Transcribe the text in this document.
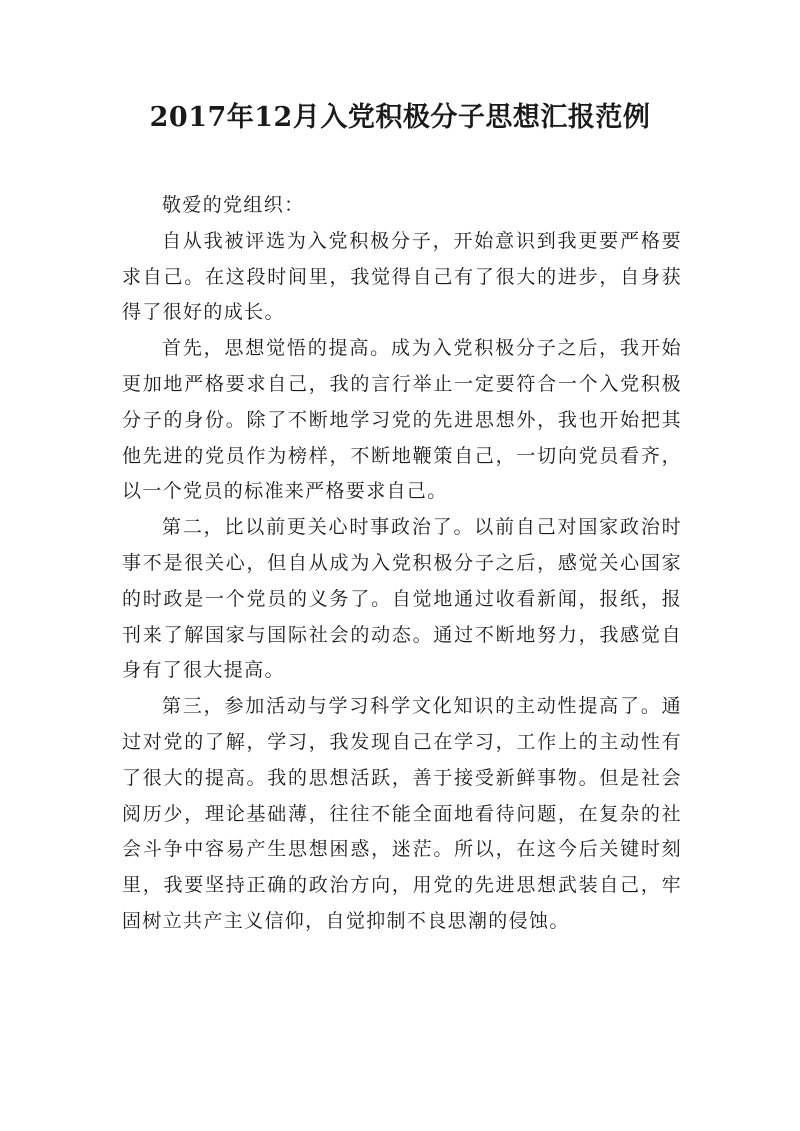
2017年12月入党积极分子思想汇报范例

敬爱的党组织：

自从我被评选为入党积极分子，开始意识到我更要严格要求自己。在这段时间里，我觉得自己有了很大的进步，自身获得了很好的成长。

首先，思想觉悟的提高。成为入党积极分子之后，我开始更加地严格要求自己，我的言行举止一定要符合一个入党积极分子的身份。除了不断地学习党的先进思想外，我也开始把其他先进的党员作为榜样，不断地鞭策自己，一切向党员看齐，以一个党员的标准来严格要求自己。

第二，比以前更关心时事政治了。以前自己对国家政治时事不是很关心，但自从成为入党积极分子之后，感觉关心国家的时政是一个党员的义务了。自觉地通过收看新闻，报纸，报刊来了解国家与国际社会的动态。通过不断地努力，我感觉自身有了很大提高。

第三，参加活动与学习科学文化知识的主动性提高了。通过对党的了解，学习，我发现自己在学习，工作上的主动性有了很大的提高。我的思想活跃，善于接受新鲜事物。但是社会阅历少，理论基础薄，往往不能全面地看待问题，在复杂的社会斗争中容易产生思想困惑，迷茫。所以，在这今后关键时刻里，我要坚持正确的政治方向，用党的先进思想武装自己，牢固树立共产主义信仰，自觉抑制不良思潮的侵蚀。
